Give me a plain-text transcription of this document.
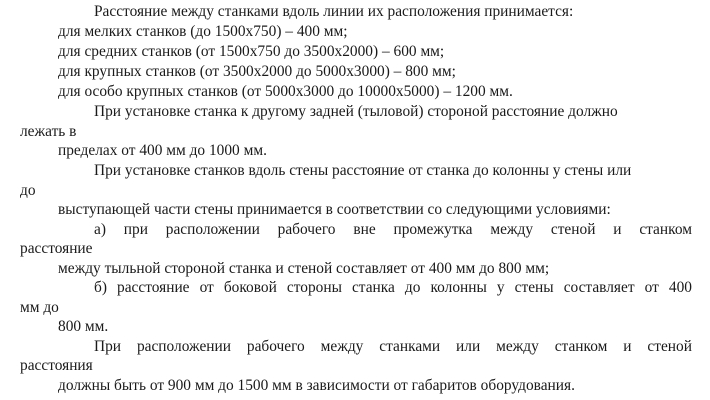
Расстояние между станками вдоль линии их расположения принимается:
для мелких станков (до 1500x750) – 400 мм;
для средних станков (от 1500x750 до 3500x2000) – 600 мм;
для крупных станков (от 3500x2000 до 5000x3000) – 800 мм;
для особо крупных станков (от 5000x3000 до 10000x5000) – 1200 мм.
При установке станка к другому задней (тыловой) стороной расстояние должно
лежать в
пределах от 400 мм до 1000 мм.
При установке станков вдоль стены расстояние от станка до колонны у стены или
до
выступающей части стены принимается в соответствии со следующими условиями:
а) при расположении рабочего вне промежутка между стеной и станком
расстояние
между тыльной стороной станка и стеной составляет от 400 мм до 800 мм;
б) расстояние от боковой стороны станка до колонны у стены составляет от 400
мм до
800 мм.
При расположении рабочего между станками или между станком и стеной
расстояния
должны быть от 900 мм до 1500 мм в зависимости от габаритов оборудования.
